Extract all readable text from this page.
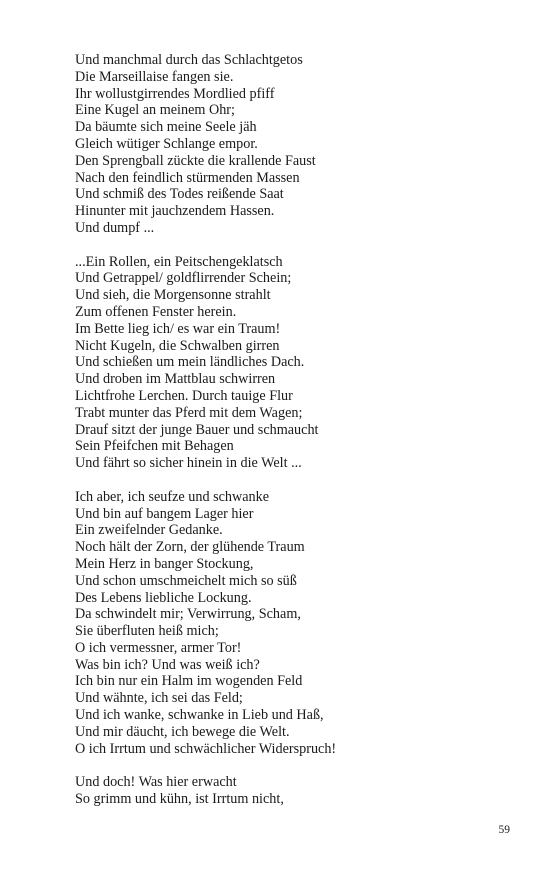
Und manchmal durch das Schlachtgetos
Die Marseillaise fangen sie.
Ihr wollustgirrendes Mordlied pfiff
Eine Kugel an meinem Ohr;
Da bäumte sich meine Seele jäh
Gleich wütiger Schlange empor.
Den Sprengball zückte die krallende Faust
Nach den feindlich stürmenden Massen
Und schmiß des Todes reißende Saat
Hinunter mit jauchzendem Hassen.
Und dumpf ...
...Ein Rollen, ein Peitschengeklatsch
Und Getrappel/ goldflirrender Schein;
Und sieh, die Morgensonne strahlt
Zum offenen Fenster herein.
Im Bette lieg ich/ es war ein Traum!
Nicht Kugeln, die Schwalben girren
Und schießen um mein ländliches Dach.
Und droben im Mattblau schwirren
Lichtfrohe Lerchen. Durch tauige Flur
Trabt munter das Pferd mit dem Wagen;
Drauf sitzt der junge Bauer und schmaucht
Sein Pfeifchen mit Behagen
Und fährt so sicher hinein in die Welt ...
Ich aber, ich seufze und schwanke
Und bin auf bangem Lager hier
Ein zweifelnder Gedanke.
Noch hält der Zorn, der glühende Traum
Mein Herz in banger Stockung,
Und schon umschmeichelt mich so süß
Des Lebens liebliche Lockung.
Da schwindelt mir; Verwirrung, Scham,
Sie überfluten heiß mich;
O ich vermessner, armer Tor!
Was bin ich? Und was weiß ich?
Ich bin nur ein Halm im wogenden Feld
Und wähnte, ich sei das Feld;
Und ich wanke, schwanke in Lieb und Haß,
Und mir däucht, ich bewege die Welt.
O ich Irrtum und schwächlicher Widerspruch!
Und doch! Was hier erwacht
So grimm und kühn, ist Irrtum nicht,
59
